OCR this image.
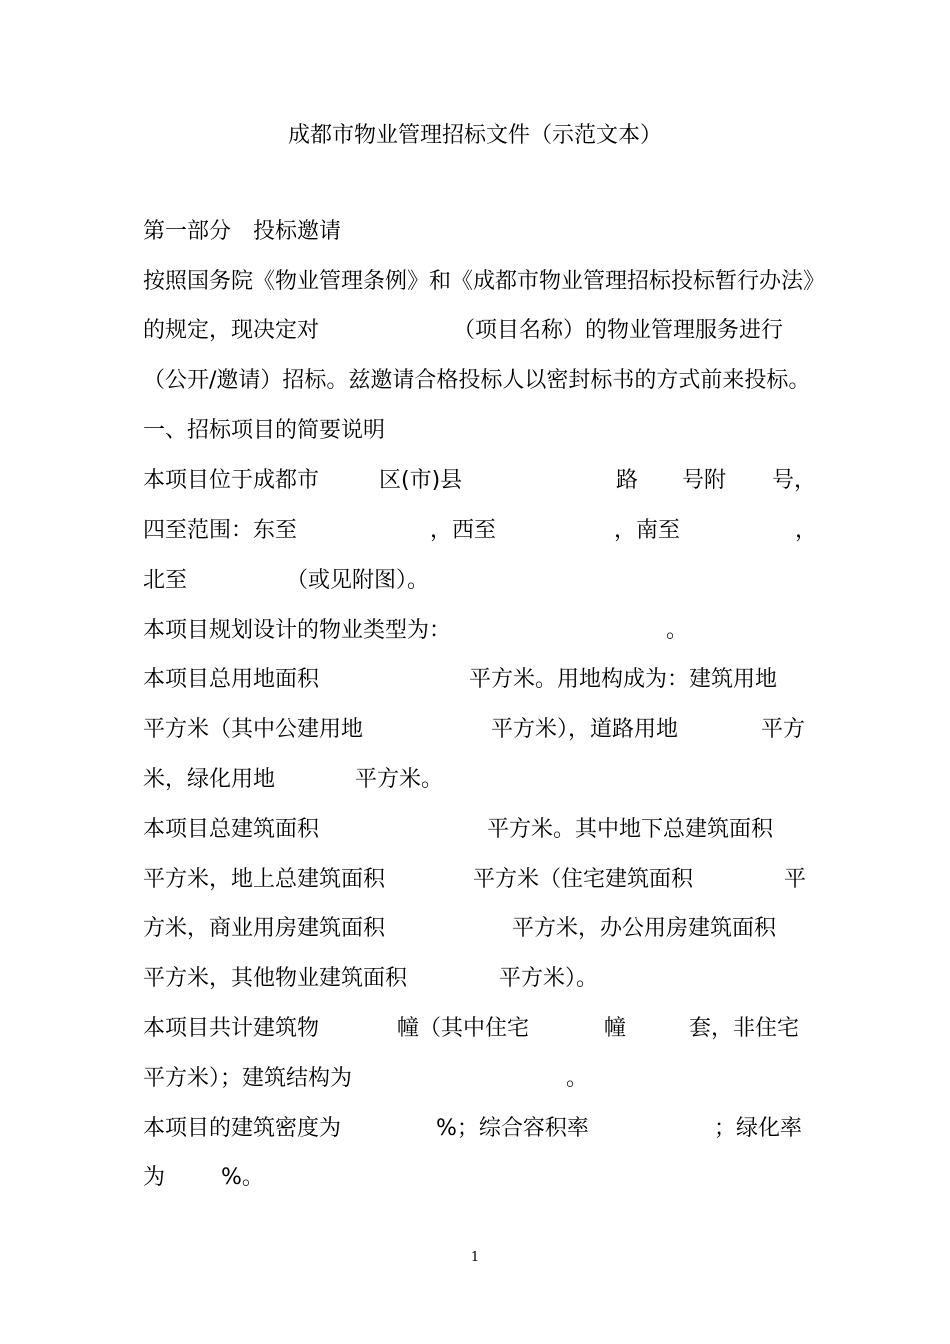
成都市物业管理招标文件（示范文本）
第一部分　投标邀请
按照国务院《物业管理条例》和《成都市物业管理招标投标暂行办法》
的规定，现决定对	（项目名称）的物业管理服务进行
（公开/邀请）招标。兹邀请合格投标人以密封标书的方式前来投标。
一、招标项目的简要说明
本项目位于成都市	区(市)县	路 号附 号，
四至范围：东至	，西至	，南至	，
北至	（或见附图）。
本项目规划设计的物业类型为：	。
本项目总用地面积	平方米。用地构成为：建筑用地
平方米（其中公建用地	平方米），道路用地	平方
米，绿化用地	平方米。
本项目总建筑面积	平方米。其中地下总建筑面积
平方米，地上总建筑面积	平方米（住宅建筑面积	平
方米，商业用房建筑面积	平方米，办公用房建筑面积
平方米，其他物业建筑面积	平方米）。
本项目共计建筑物	幢（其中住宅	幢	套，非住宅
平方米）；建筑结构为	。
本项目的建筑密度为	%；综合容积率	；绿化率
为	%。
1
